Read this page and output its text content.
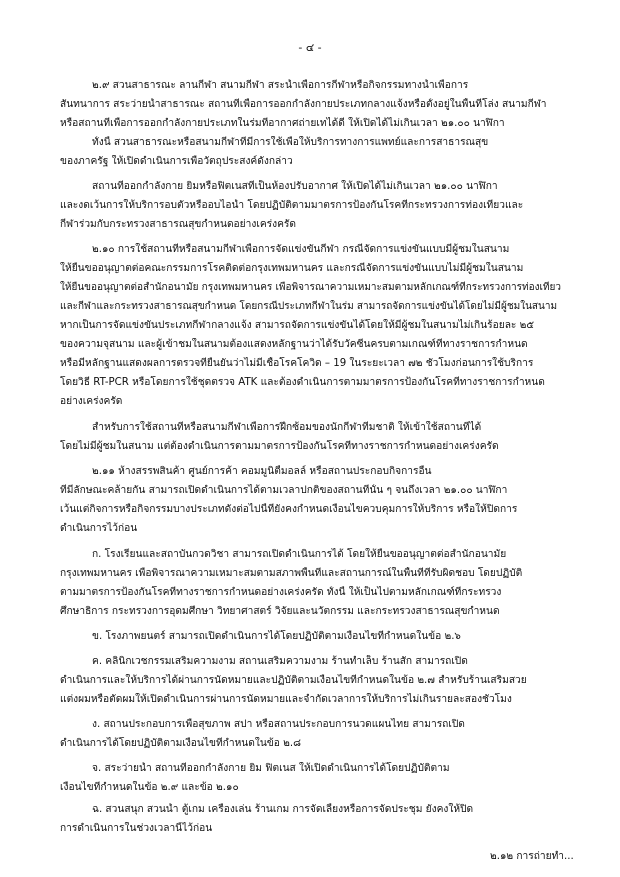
- ๔ -
๒.๙ สวนสาธารณะ ลานกีฬา สนามกีฬา สระน้ำเพื่อการกีฬาหรือกิจกรรมทางน้ำเพื่อการ
สันทนาการ สระว่ายน้ำสาธารณะ สถานที่เพื่อการออกกำลังกายประเภทกลางแจ้งหรือตั้งอยู่ในพื้นที่โล่ง สนามกีฬา
หรือสถานที่เพื่อการออกกำลังกายประเภทในร่มที่อากาศถ่ายเทได้ดี ให้เปิดได้ไม่เกินเวลา ๒๑.๐๐ นาฬิกา
ทั้งนี้ สวนสาธารณะหรือสนามกีฬาที่มีการใช้เพื่อให้บริการทางการแพทย์และการสาธารณสุข
ของภาครัฐ ให้เปิดดำเนินการเพื่อวัตถุประสงค์ดังกล่าว
สถานที่ออกกำลังกาย ยิมหรือฟิตเนสที่เป็นห้องปรับอากาศ ให้เปิดได้ไม่เกินเวลา ๒๑.๐๐ นาฬิกา
และงดเว้นการให้บริการอบตัวหรืออบไอน้ำ โดยปฏิบัติตามมาตรการป้องกันโรคที่กระทรวงการท่องเที่ยวและ
กีฬาร่วมกับกระทรวงสาธารณสุขกำหนดอย่างเคร่งครัด
๒.๑๐ การใช้สถานที่หรือสนามกีฬาเพื่อการจัดแข่งขันกีฬา กรณีจัดการแข่งขันแบบมีผู้ชมในสนาม
ให้ยื่นขออนุญาตต่อคณะกรรมการโรคติดต่อกรุงเทพมหานคร และกรณีจัดการแข่งขันแบบไม่มีผู้ชมในสนาม
ให้ยื่นขออนุญาตต่อสำนักอนามัย กรุงเทพมหานคร เพื่อพิจารณาความเหมาะสมตามหลักเกณฑ์ที่กระทรวงการท่องเที่ยว
และกีฬาและกระทรวงสาธารณสุขกำหนด โดยกรณีประเภทกีฬาในร่ม สามารถจัดการแข่งขันได้โดยไม่มีผู้ชมในสนาม
หากเป็นการจัดแข่งขันประเภทกีฬากลางแจ้ง สามารถจัดการแข่งขันได้โดยให้มีผู้ชมในสนามไม่เกินร้อยละ ๒๕
ของความจุสนาม และผู้เข้าชมในสนามต้องแสดงหลักฐานว่าได้รับวัคซีนครบตามเกณฑ์ที่ทางราชการกำหนด
หรือมีหลักฐานแสดงผลการตรวจที่ยืนยันว่าไม่มีเชื้อโรคโควิด – 19 ในระยะเวลา ๗๒ ชั่วโมงก่อนการใช้บริการ
โดยวิธี RT-PCR หรือโดยการใช้ชุดตรวจ ATK และต้องดำเนินการตามมาตรการป้องกันโรคที่ทางราชการกำหนด
อย่างเคร่งครัด
สำหรับการใช้สถานที่หรือสนามกีฬาเพื่อการฝึกซ้อมของนักกีฬาทีมชาติ ให้เข้าใช้สถานที่ได้
โดยไม่มีผู้ชมในสนาม แต่ต้องดำเนินการตามมาตรการป้องกันโรคที่ทางราชการกำหนดอย่างเคร่งครัด
๒.๑๑ ห้างสรรพสินค้า ศูนย์การค้า คอมมูนิตี้มอลล์ หรือสถานประกอบกิจการอื่น
ที่มีลักษณะคล้ายกัน สามารถเปิดดำเนินการได้ตามเวลาปกติของสถานที่นั้น ๆ จนถึงเวลา ๒๑.๐๐ นาฬิกา
เว้นแต่กิจการหรือกิจกรรมบางประเภทดังต่อไปนี้ที่ยังคงกำหนดเงื่อนไขควบคุมการให้บริการ หรือให้ปิดการ
ดำเนินการไว้ก่อน
ก. โรงเรียนและสถาบันกวดวิชา สามารถเปิดดำเนินการได้ โดยให้ยื่นขออนุญาตต่อสำนักอนามัย
กรุงเทพมหานคร เพื่อพิจารณาความเหมาะสมตามสภาพพื้นที่และสถานการณ์ในพื้นที่ที่รับผิดชอบ โดยปฏิบัติ
ตามมาตรการป้องกันโรคที่ทางราชการกำหนดอย่างเคร่งครัด ทั้งนี้ ให้เป็นไปตามหลักเกณฑ์ที่กระทรวง
ศึกษาธิการ กระทรวงการอุดมศึกษา วิทยาศาสตร์ วิจัยและนวัตกรรม และกระทรวงสาธารณสุขกำหนด
ข. โรงภาพยนตร์ สามารถเปิดดำเนินการได้โดยปฏิบัติตามเงื่อนไขที่กำหนดในข้อ ๒.๖
ค. คลินิกเวชกรรมเสริมความงาม สถานเสริมความงาม ร้านทำเล็บ ร้านสัก สามารถเปิด
ดำเนินการและให้บริการได้ผ่านการนัดหมายและปฏิบัติตามเงื่อนไขที่กำหนดในข้อ ๒.๗ สำหรับร้านเสริมสวย
แต่งผมหรือตัดผมให้เปิดดำเนินการผ่านการนัดหมายและจำกัดเวลาการให้บริการไม่เกินรายละสองชั่วโมง
ง. สถานประกอบการเพื่อสุขภาพ สปา หรือสถานประกอบการนวดแผนไทย สามารถเปิด
ดำเนินการได้โดยปฏิบัติตามเงื่อนไขที่กำหนดในข้อ ๒.๘
จ. สระว่ายน้ำ สถานที่ออกกำลังกาย ยิม ฟิตเนส ให้เปิดดำเนินการได้โดยปฏิบัติตาม
เงื่อนไขที่กำหนดในข้อ ๒.๙ และข้อ ๒.๑๐
ฉ. สวนสนุก สวนน้ำ ตู้เกม เครื่องเล่น ร้านเกม การจัดเลี้ยงหรือการจัดประชุม ยังคงให้ปิด
การดำเนินการในช่วงเวลานี้ไว้ก่อน
๒.๑๒ การถ่ายทำ...
